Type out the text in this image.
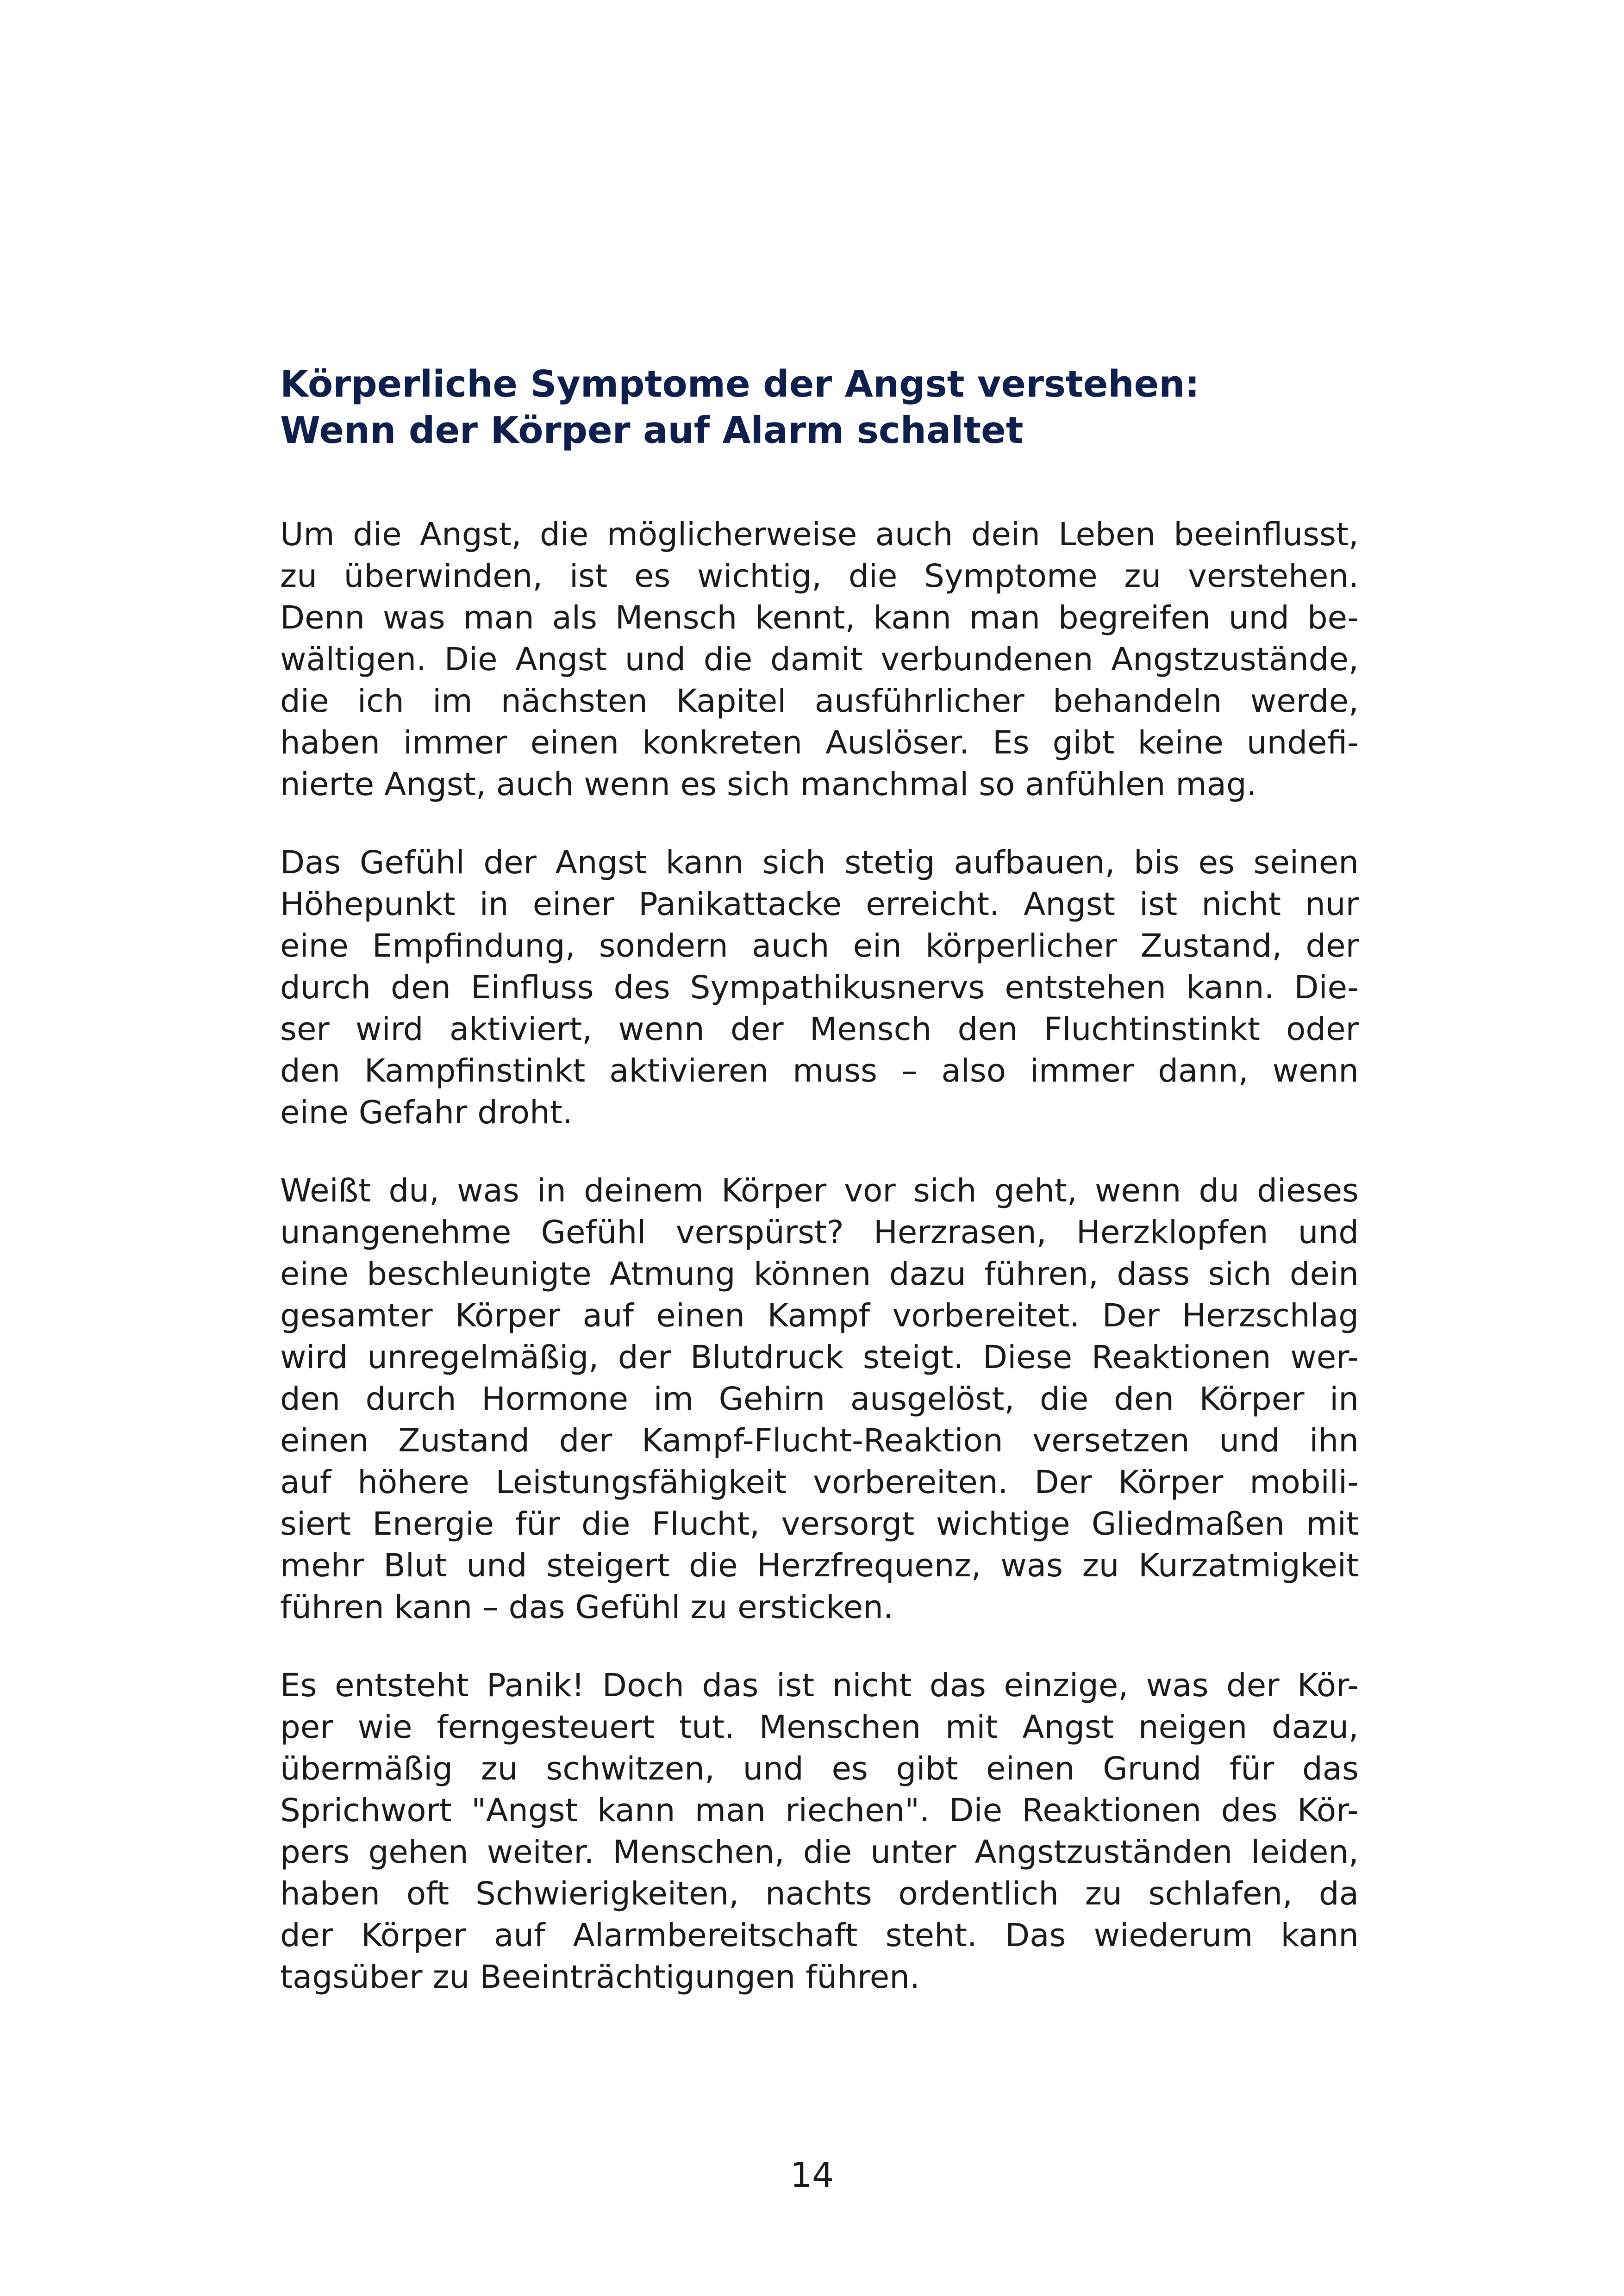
Körperliche Symptome der Angst verstehen:
Wenn der Körper auf Alarm schaltet

Um die Angst, die möglicherweise auch dein Leben beeinflusst,
zu überwinden, ist es wichtig, die Symptome zu verstehen.
Denn was man als Mensch kennt, kann man begreifen und be-
wältigen. Die Angst und die damit verbundenen Angstzustände,
die ich im nächsten Kapitel ausführlicher behandeln werde,
haben immer einen konkreten Auslöser. Es gibt keine undefi-
nierte Angst, auch wenn es sich manchmal so anfühlen mag.

Das Gefühl der Angst kann sich stetig aufbauen, bis es seinen
Höhepunkt in einer Panikattacke erreicht. Angst ist nicht nur
eine Empfindung, sondern auch ein körperlicher Zustand, der
durch den Einfluss des Sympathikusnervs entstehen kann. Die-
ser wird aktiviert, wenn der Mensch den Fluchtinstinkt oder
den Kampfinstinkt aktivieren muss – also immer dann, wenn
eine Gefahr droht.

Weißt du, was in deinem Körper vor sich geht, wenn du dieses
unangenehme Gefühl verspürst? Herzrasen, Herzklopfen und
eine beschleunigte Atmung können dazu führen, dass sich dein
gesamter Körper auf einen Kampf vorbereitet. Der Herzschlag
wird unregelmäßig, der Blutdruck steigt. Diese Reaktionen wer-
den durch Hormone im Gehirn ausgelöst, die den Körper in
einen Zustand der Kampf-Flucht-Reaktion versetzen und ihn
auf höhere Leistungsfähigkeit vorbereiten. Der Körper mobili-
siert Energie für die Flucht, versorgt wichtige Gliedmaßen mit
mehr Blut und steigert die Herzfrequenz, was zu Kurzatmigkeit
führen kann – das Gefühl zu ersticken.

Es entsteht Panik! Doch das ist nicht das einzige, was der Kör-
per wie ferngesteuert tut. Menschen mit Angst neigen dazu,
übermäßig zu schwitzen, und es gibt einen Grund für das
Sprichwort "Angst kann man riechen". Die Reaktionen des Kör-
pers gehen weiter. Menschen, die unter Angstzuständen leiden,
haben oft Schwierigkeiten, nachts ordentlich zu schlafen, da
der Körper auf Alarmbereitschaft steht. Das wiederum kann
tagsüber zu Beeinträchtigungen führen.

14
